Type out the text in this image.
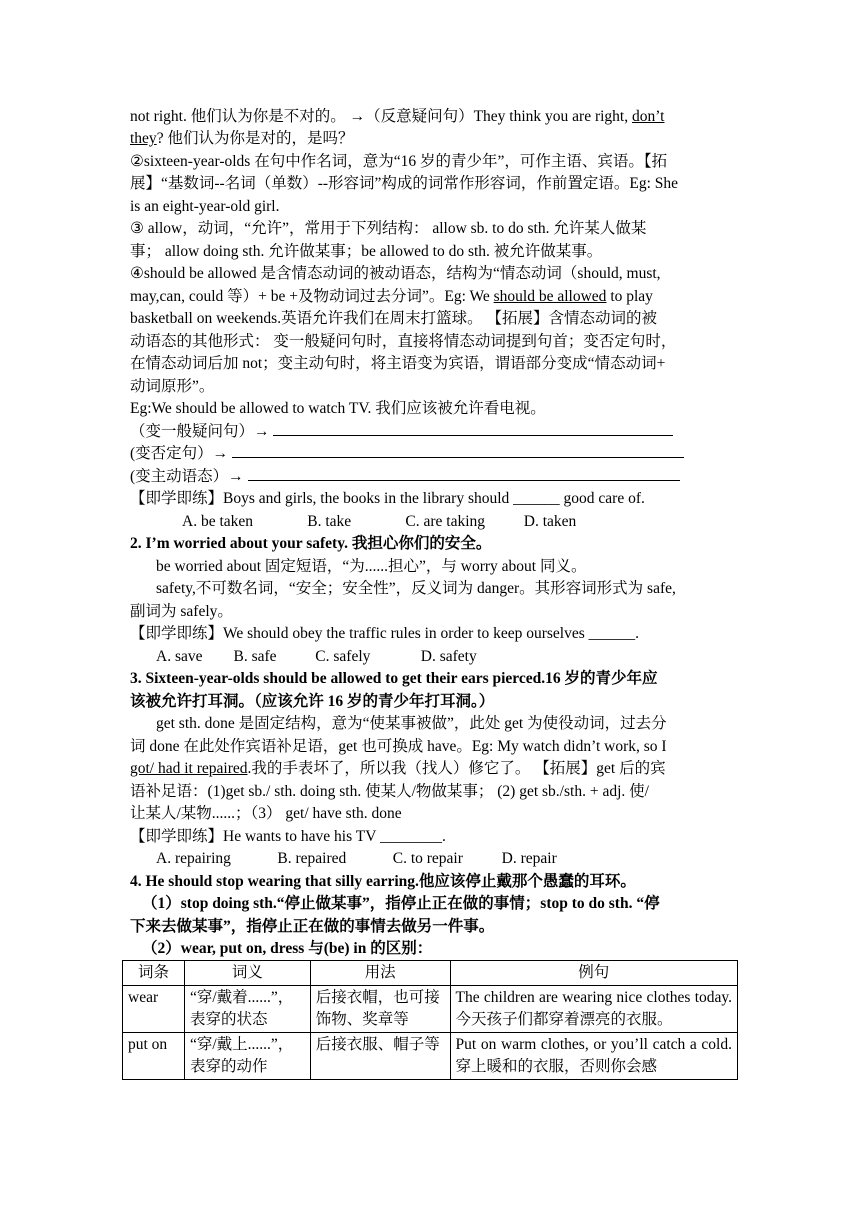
not right. 他们认为你是不对的。 →（反意疑问句）They think you are right, don’t
they? 他们认为你是对的，是吗？
②sixteen-year-olds 在句中作名词，意为“16 岁的青少年”，可作主语、宾语。【拓
展】“基数词--名词（单数）--形容词”构成的词常作形容词，作前置定语。Eg: She
is an eight-year-old girl.
③ allow，动词，“允许”，常用于下列结构： allow sb. to do sth. 允许某人做某
事； allow doing sth. 允许做某事；be allowed to do sth. 被允许做某事。
④should be allowed 是含情态动词的被动语态，结构为“情态动词（should, must,
may,can, could 等）+ be +及物动词过去分词”。Eg: We should be allowed to play
basketball on weekends.英语允许我们在周末打篮球。 【拓展】含情态动词的被
动语态的其他形式： 变一般疑问句时，直接将情态动词提到句首；变否定句时，
在情态动词后加 not；变主动句时，将主语变为宾语，谓语部分变成“情态动词+
动词原形”。
Eg:We should be allowed to watch TV. 我们应该被允许看电视。
（变一般疑问句）→
(变否定句）→
(变主动语态）→
【即学即练】Boys and girls, the books in the library should ______ good care of.
A. be taken              B. take              C. are taking          D. taken
2. I’m worried about your safety. 我担心你们的安全。
be worried about 固定短语，“为......担心”，与 worry about 同义。
safety,不可数名词，“安全；安全性”，反义词为 danger。其形容词形式为 safe,
副词为 safely。
【即学即练】We should obey the traffic rules in order to keep ourselves ______.
A. save        B. safe          C. safely             D. safety
3. Sixteen-year-olds should be allowed to get their ears pierced.16 岁的青少年应
该被允许打耳洞。（应该允许 16 岁的青少年打耳洞。）
get sth. done 是固定结构，意为“使某事被做”，此处 get 为使役动词，过去分
词 done 在此处作宾语补足语，get 也可换成 have。Eg: My watch didn’t work, so I
got/ had it repaired.我的手表坏了，所以我（找人）修它了。 【拓展】get 后的宾
语补足语：(1)get sb./ sth. doing sth. 使某人/物做某事； (2) get sb./sth. + adj. 使/
让某人/某物......；（3） get/ have sth. done
【即学即练】He wants to have his TV ________.
A. repairing            B. repaired            C. to repair          D. repair
4. He should stop wearing that silly earring.他应该停止戴那个愚蠢的耳环。
（1）stop doing sth.“停止做某事”，指停止正在做的事情；stop to do sth. “停
下来去做某事”，指停止正在做的事情去做另一件事。
（2）wear, put on, dress 与(be) in 的区别：
词条	词义	用法	例句
wear	“穿/戴着......”，表穿的状态	后接衣帽，也可接饰物、奖章等	The children are wearing nice clothes today. 今天孩子们都穿着漂亮的衣服。
put on	“穿/戴上......”，表穿的动作	后接衣服、帽子等	Put on warm clothes, or you’ll catch a cold. 穿上暖和的衣服，否则你会感
